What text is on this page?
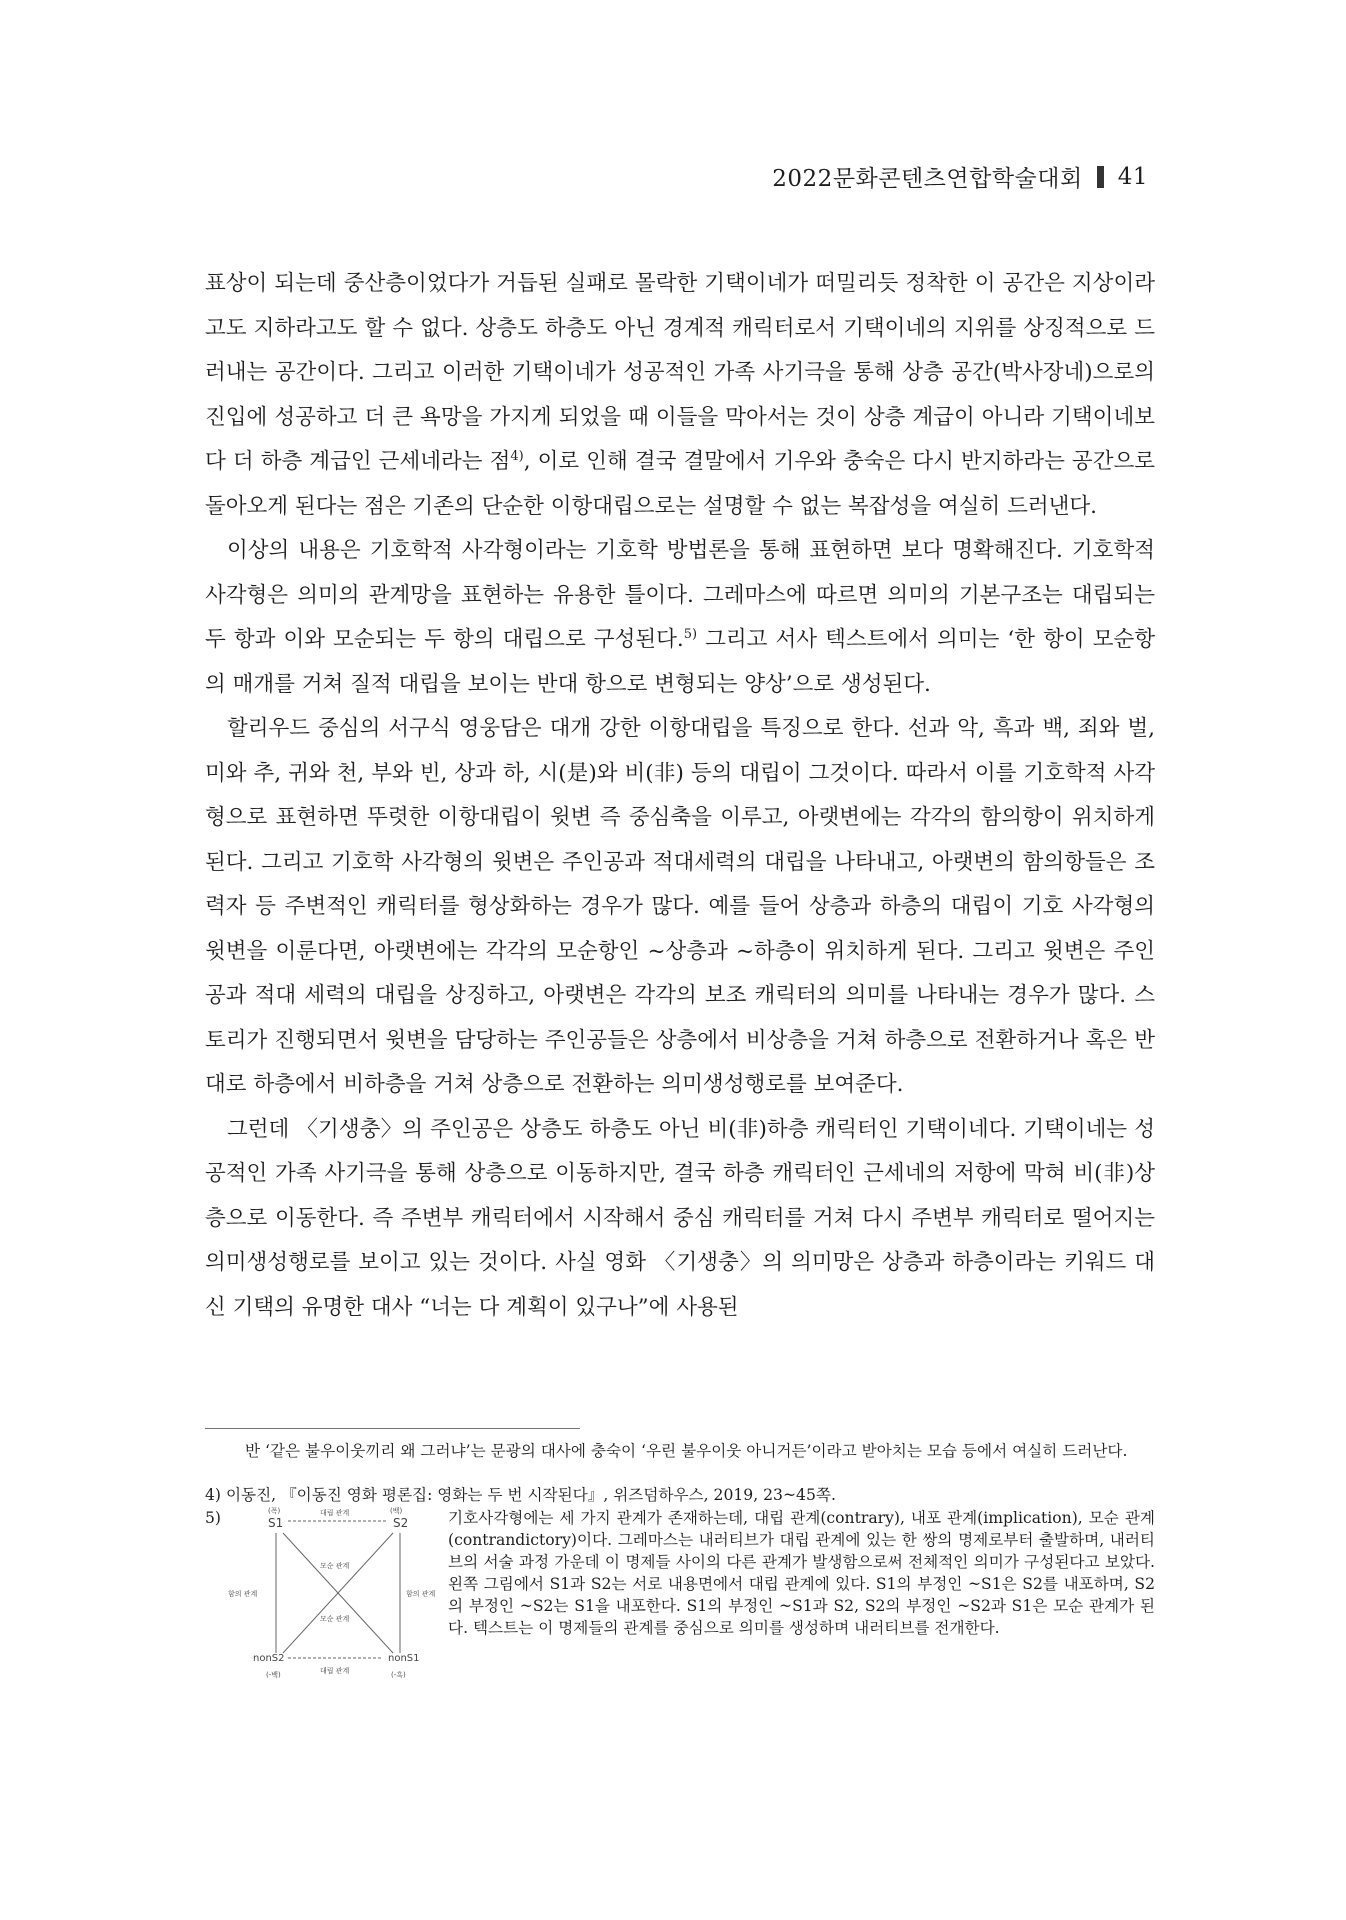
2022문화콘텐츠연합학술대회 41

표상이 되는데 중산층이었다가 거듭된 실패로 몰락한 기택이네가 떠밀리듯 정착한 이 공간은 지상이라고도 지하라고도 할 수 없다. 상층도 하층도 아닌 경계적 캐릭터로서 기택이네의 지위를 상징적으로 드러내는 공간이다. 그리고 이러한 기택이네가 성공적인 가족 사기극을 통해 상층 공간(박사장네)으로의 진입에 성공하고 더 큰 욕망을 가지게 되었을 때 이들을 막아서는 것이 상층 계급이 아니라 기택이네보다 더 하층 계급인 근세네라는 점$^{4)}$, 이로 인해 결국 결말에서 기우와 충숙은 다시 반지하라는 공간으로 돌아오게 된다는 점은 기존의 단순한 이항대립으로는 설명할 수 없는 복잡성을 여실히 드러낸다.

이상의 내용은 기호학적 사각형이라는 기호학 방법론을 통해 표현하면 보다 명확해진다. 기호학적 사각형은 의미의 관계망을 표현하는 유용한 틀이다. 그레마스에 따르면 의미의 기본구조는 대립되는 두 항과 이와 모순되는 두 항의 대립으로 구성된다.$^{5)}$ 그리고 서사 텍스트에서 의미는 ‘한 항이 모순항의 매개를 거쳐 질적 대립을 보이는 반대 항으로 변형되는 양상’으로 생성된다.

할리우드 중심의 서구식 영웅담은 대개 강한 이항대립을 특징으로 한다. 선과 악, 흑과 백, 죄와 벌, 미와 추, 귀와 천, 부와 빈, 상과 하, 시(是)와 비(非) 등의 대립이 그것이다. 따라서 이를 기호학적 사각형으로 표현하면 뚜렷한 이항대립이 윗변 즉 중심축을 이루고, 아랫변에는 각각의 함의항이 위치하게 된다. 그리고 기호학 사각형의 윗변은 주인공과 적대세력의 대립을 나타내고, 아랫변의 함의항들은 조력자 등 주변적인 캐릭터를 형상화하는 경우가 많다. 예를 들어 상층과 하층의 대립이 기호 사각형의 윗변을 이룬다면, 아랫변에는 각각의 모순항인 ~상층과 ~하층이 위치하게 된다. 그리고 윗변은 주인공과 적대 세력의 대립을 상징하고, 아랫변은 각각의 보조 캐릭터의 의미를 나타내는 경우가 많다. 스토리가 진행되면서 윗변을 담당하는 주인공들은 상층에서 비상층을 거쳐 하층으로 전환하거나 혹은 반대로 하층에서 비하층을 거쳐 상층으로 전환하는 의미생성행로를 보여준다.

그런데 〈기생충〉의 주인공은 상층도 하층도 아닌 비(非)하층 캐릭터인 기택이네다. 기택이네는 성공적인 가족 사기극을 통해 상층으로 이동하지만, 결국 하층 캐릭터인 근세네의 저항에 막혀 비(非)상층으로 이동한다. 즉 주변부 캐릭터에서 시작해서 중심 캐릭터를 거쳐 다시 주변부 캐릭터로 떨어지는 의미생성행로를 보이고 있는 것이다. 사실 영화 〈기생충〉의 의미망은 상층과 하층이라는 키워드 대신 기택의 유명한 대사 “너는 다 계획이 있구나”에 사용된

반 ‘같은 불우이웃끼리 왜 그러냐’는 문광의 대사에 충숙이 ‘우린 불우이웃 아니거든’이라고 받아치는 모습 등에서 여실히 드러난다.
4) 이동진, 『이동진 영화 평론집: 영화는 두 번 시작된다』, 위즈덤하우스, 2019, 23~45쪽.
5)	(폭)	(백)
S1	S2
대립 관계
모순 관계
모순 관계
함의 관계	함의 관계
nonS2	nonS1
대립 관계
(-백)	(-흑)
기호사각형에는 세 가지 관계가 존재하는데, 대립 관계(contrary), 내포 관계(implication), 모순 관계(contrandictory)이다. 그레마스는 내러티브가 대립 관계에 있는 한 쌍의 명제로부터 출발하며, 내러티브의 서술 과정 가운데 이 명제들 사이의 다른 관계가 발생함으로써 전체적인 의미가 구성된다고 보았다. 왼쪽 그림에서 S1과 S2는 서로 내용면에서 대립 관계에 있다. S1의 부정인 ~S1은 S2를 내포하며, S2의 부정인 ~S2는 S1을 내포한다. S1의 부정인 ~S1과 S2, S2의 부정인 ~S2과 S1은 모순 관계가 된다. 텍스트는 이 명제들의 관계를 중심으로 의미를 생성하며 내러티브를 전개한다.
